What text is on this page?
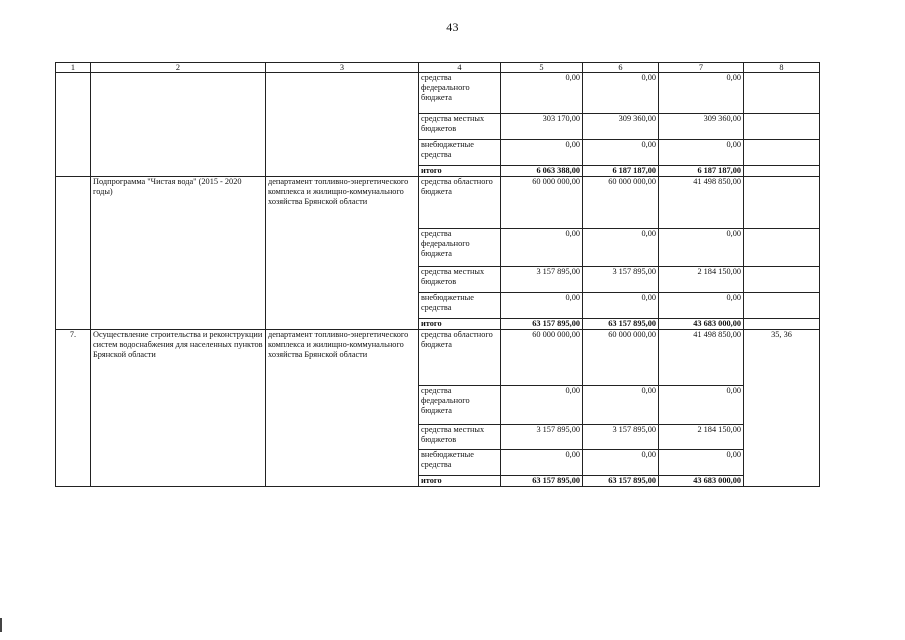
43
1	2	3	4	5	6	7	8
			средства федерального бюджета	0,00	0,00	0,00	
			средства местных бюджетов	303 170,00	309 360,00	309 360,00	
			внебюджетные средства	0,00	0,00	0,00	
			итого	6 063 388,00	6 187 187,00	6 187 187,00	
	Подпрограмма "Чистая вода" (2015 - 2020 годы)	департамент топливно-энергетического комплекса и жилищно-коммунального хозяйства Брянской области	средства областного бюджета	60 000 000,00	60 000 000,00	41 498 850,00	
			средства федерального бюджета	0,00	0,00	0,00	
			средства местных бюджетов	3 157 895,00	3 157 895,00	2 184 150,00	
			внебюджетные средства	0,00	0,00	0,00	
			итого	63 157 895,00	63 157 895,00	43 683 000,00	
7.	Осуществление строительства и реконструкции систем водоснабжения для населенных пунктов Брянской области	департамент топливно-энергетического комплекса и жилищно-коммунального хозяйства Брянской области	средства областного бюджета	60 000 000,00	60 000 000,00	41 498 850,00	35, 36
			средства федерального бюджета	0,00	0,00	0,00	
			средства местных бюджетов	3 157 895,00	3 157 895,00	2 184 150,00	
			внебюджетные средства	0,00	0,00	0,00	
			итого	63 157 895,00	63 157 895,00	43 683 000,00	
